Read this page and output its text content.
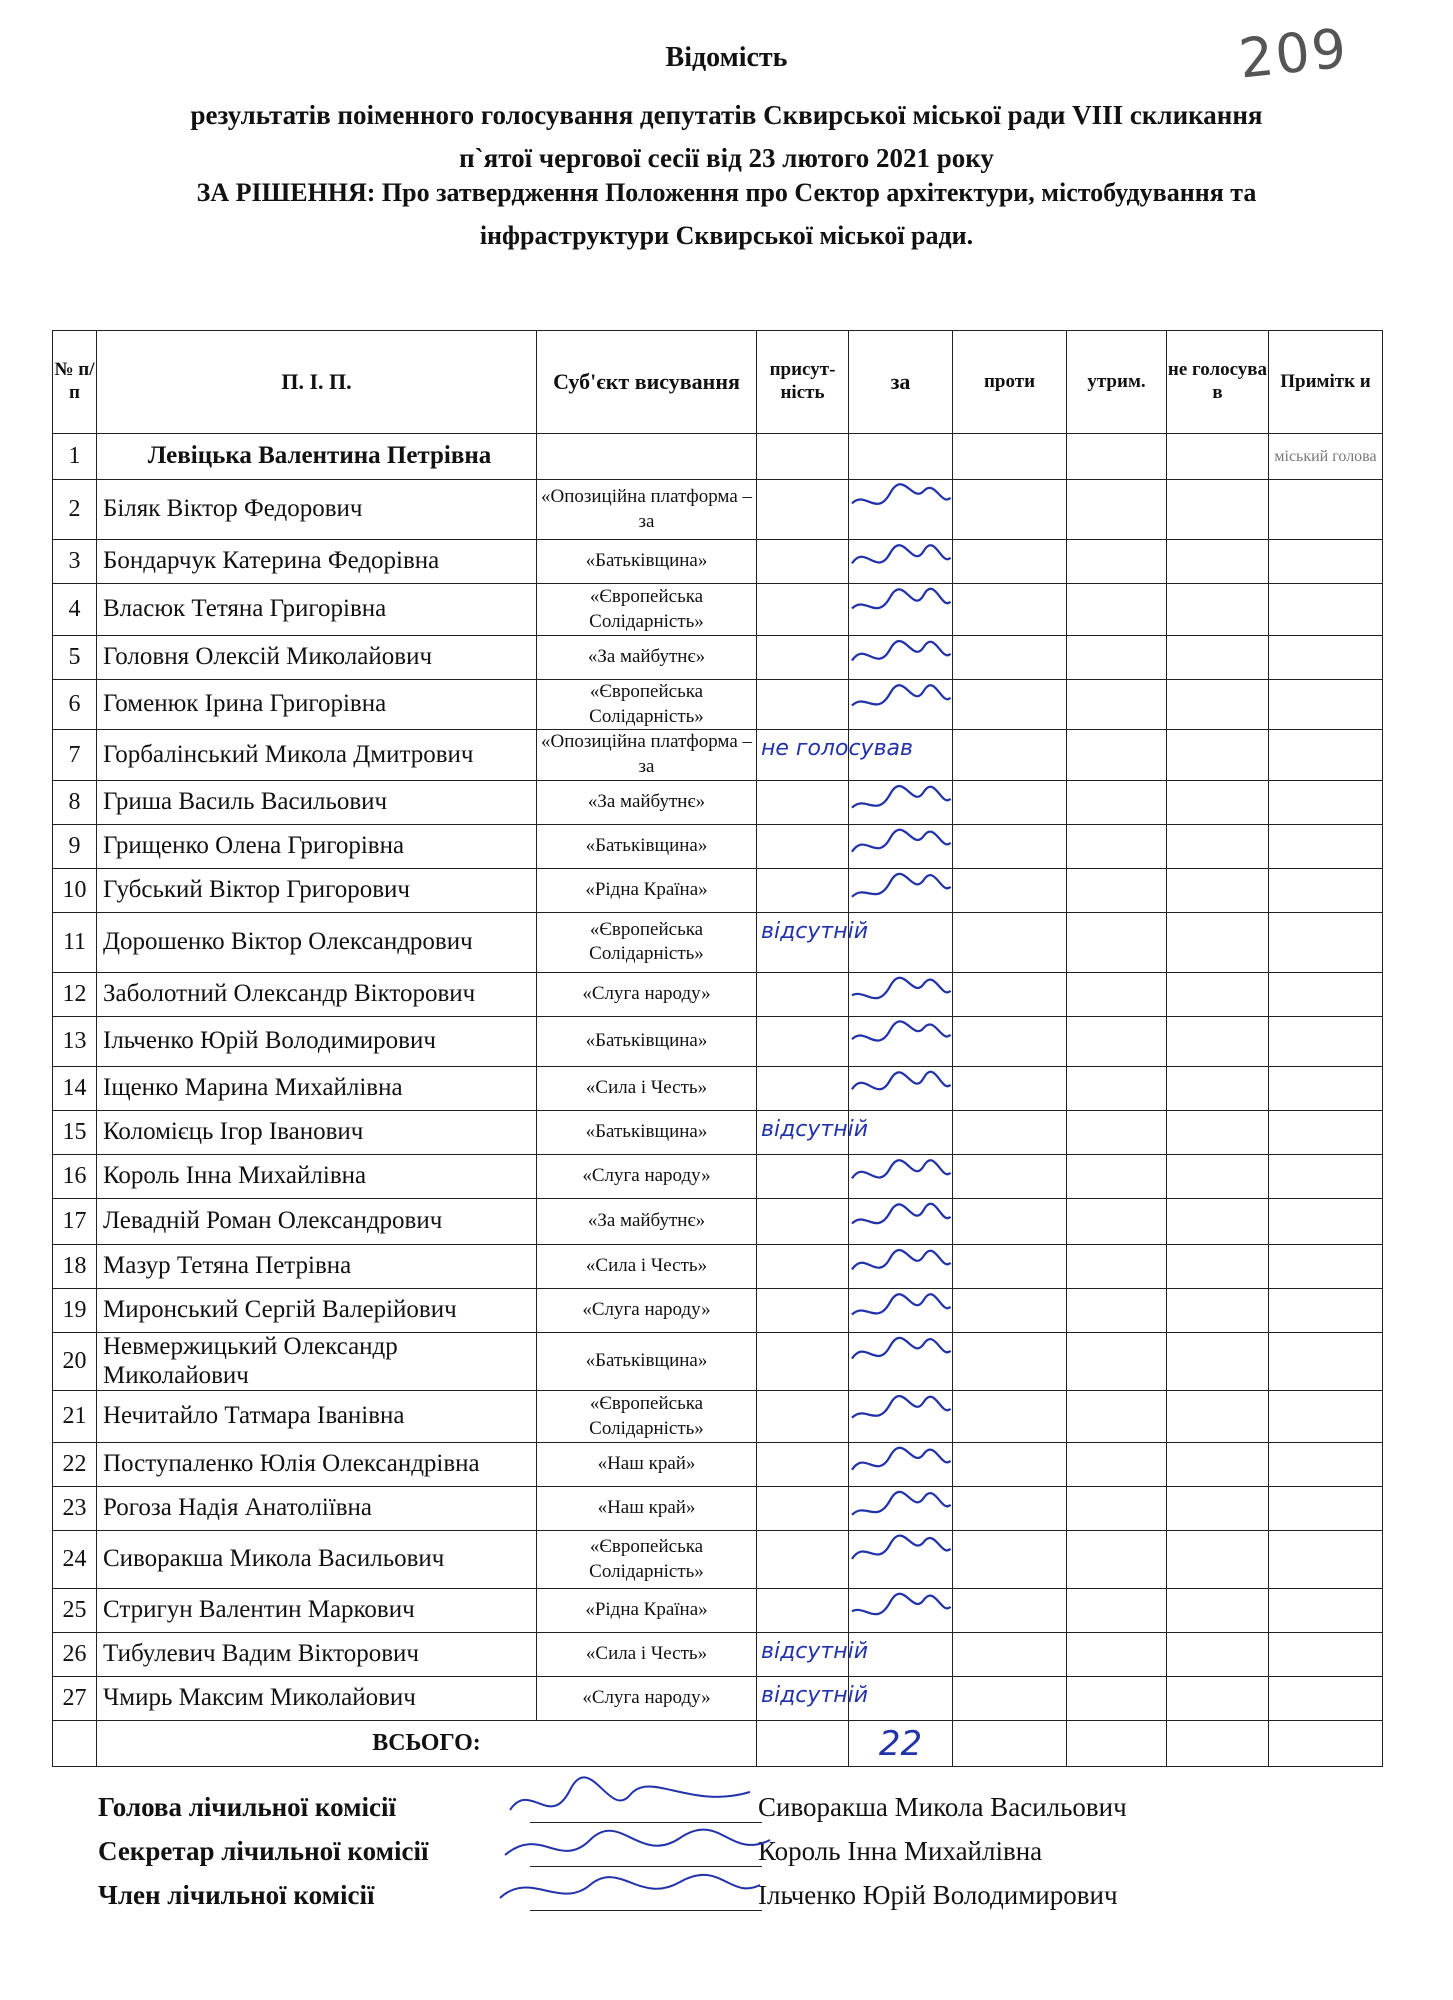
209
Відомість
результатів поіменного голосування депутатів Сквирської міської ради VIII скликання
п`ятої чергової сесії від 23 лютого 2021 року
ЗА РІШЕННЯ: Про затвердження Положення про Сектор архітектури, містобудування та
інфраструктури Сквирської міської ради.
№ п/п	П. І. П.	Суб'єкт висування	присут-ність	за	проти	утрим.	не голосува в	Примітк и
1	Левіцька Валентина Петрівна							міський голова
2	Біляк Віктор Федорович	«Опозиційна платформа – за		

3	Бондарчук Катерина Федорівна	«Батьківщина»		

4	Власюк Тетяна Григорівна	«Європейська Солідарність»		

5	Головня Олексій Миколайович	«За майбутнє»		

6	Гоменюк Ірина Григорівна	«Європейська Солідарність»		

7	Горбалінський Микола Дмитрович	«Опозиційна платформа – за	не голосував					

8	Гриша Василь Васильович	«За майбутнє»		

9	Грищенко Олена Григорівна	«Батьківщина»		

10	Губський Віктор Григорович	«Рідна Країна»		

11	Дорошенко Віктор Олександрович	«Європейська Солідарність»	відсутній					

12	Заболотний Олександр Вікторович	«Слуга народу»		

13	Ільченко Юрій Володимирович	«Батьківщина»		

14	Іщенко Марина Михайлівна	«Сила і Честь»		

15	Коломієць Ігор Іванович	«Батьківщина»	відсутній					

16	Король Інна Михайлівна	«Слуга народу»		

17	Левадній Роман Олександрович	«За майбутнє»		

18	Мазур Тетяна Петрівна	«Сила і Честь»		

19	Миронський Сергій Валерійович	«Слуга народу»		

20	Невмержицький Олександр Миколайович	«Батьківщина»		

21	Нечитайло Татмара Іванівна	«Європейська Солідарність»		

22	Поступаленко Юлія Олександрівна	«Наш край»		

23	Рогоза Надія Анатоліївна	«Наш край»		

24	Сиворакша Микола Васильович	«Європейська Солідарність»		

25	Стригун Валентин Маркович	«Рідна Країна»		

26	Тибулевич Вадим Вікторович	«Сила і Честь»	відсутній					

27	Чмирь Максим Миколайович	«Слуга народу»	відсутній					

	ВСЬОГО:			22				
Голова лічильної комісії	Сиворакша Микола Васильович
Секретар лічильної комісії	Король Інна Михайлівна
Член лічильної комісії	Ільченко Юрій Володимирович
